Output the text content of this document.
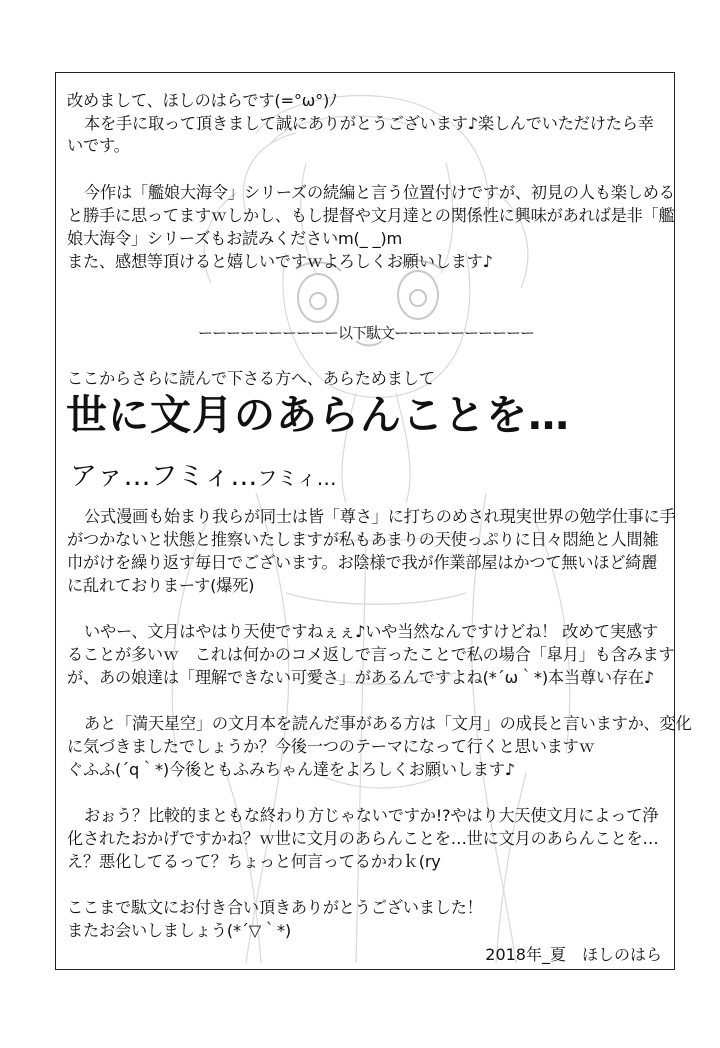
改めまして、ほしのはらです(=°ω°)ﾉ
本を手に取って頂きまして誠にありがとうございます♪楽しんでいただけたら幸
いです。
今作は「艦娘大海令」シリーズの続編と言う位置付けですが、初見の人も楽しめる
と勝手に思ってますｗしかし、もし提督や文月達との関係性に興味があれば是非「艦
娘大海令」シリーズもお読みくださいm(_ _)m
また、感想等頂けると嬉しいですｗよろしくお願いします♪
ーーーーーーーーーー以下駄文ーーーーーーーーーー
ここからさらに読んで下さる方へ、あらためまして
世に文月のあらんことを…
アァ…フミィ…フミィ…
公式漫画も始まり我らが同士は皆「尊さ」に打ちのめされ現実世界の勉学仕事に手
がつかないと状態と推察いたしますが私もあまりの天使っぷりに日々悶絶と人間雑
巾がけを繰り返す毎日でございます。お陰様で我が作業部屋はかつて無いほど綺麗
に乱れておりまーす(爆死)
いやー、文月はやはり天使ですねぇぇ♪いや当然なんですけどね！ 改めて実感す
ることが多いｗ　これは何かのコメ返しで言ったことで私の場合「皐月」も含みます
が、あの娘達は「理解できない可愛さ」があるんですよね(*´ω｀*)本当尊い存在♪
あと「満天星空」の文月本を読んだ事がある方は「文月」の成長と言いますか、変化
に気づきましたでしょうか？今後一つのテーマになって行くと思いますｗ
ぐふふ(´q｀*)今後ともふみちゃん達をよろしくお願いします♪
おぉう？比較的まともな終わり方じゃないですか!?やはり大天使文月によって浄
化されたおかげですかね？ｗ世に文月のあらんことを…世に文月のあらんことを…
え？悪化してるって？ちょっと何言ってるかわｋ(ry
ここまで駄文にお付き合い頂きありがとうございました！
またお会いしましょう(*´▽｀*)
2018年_夏　ほしのはら
